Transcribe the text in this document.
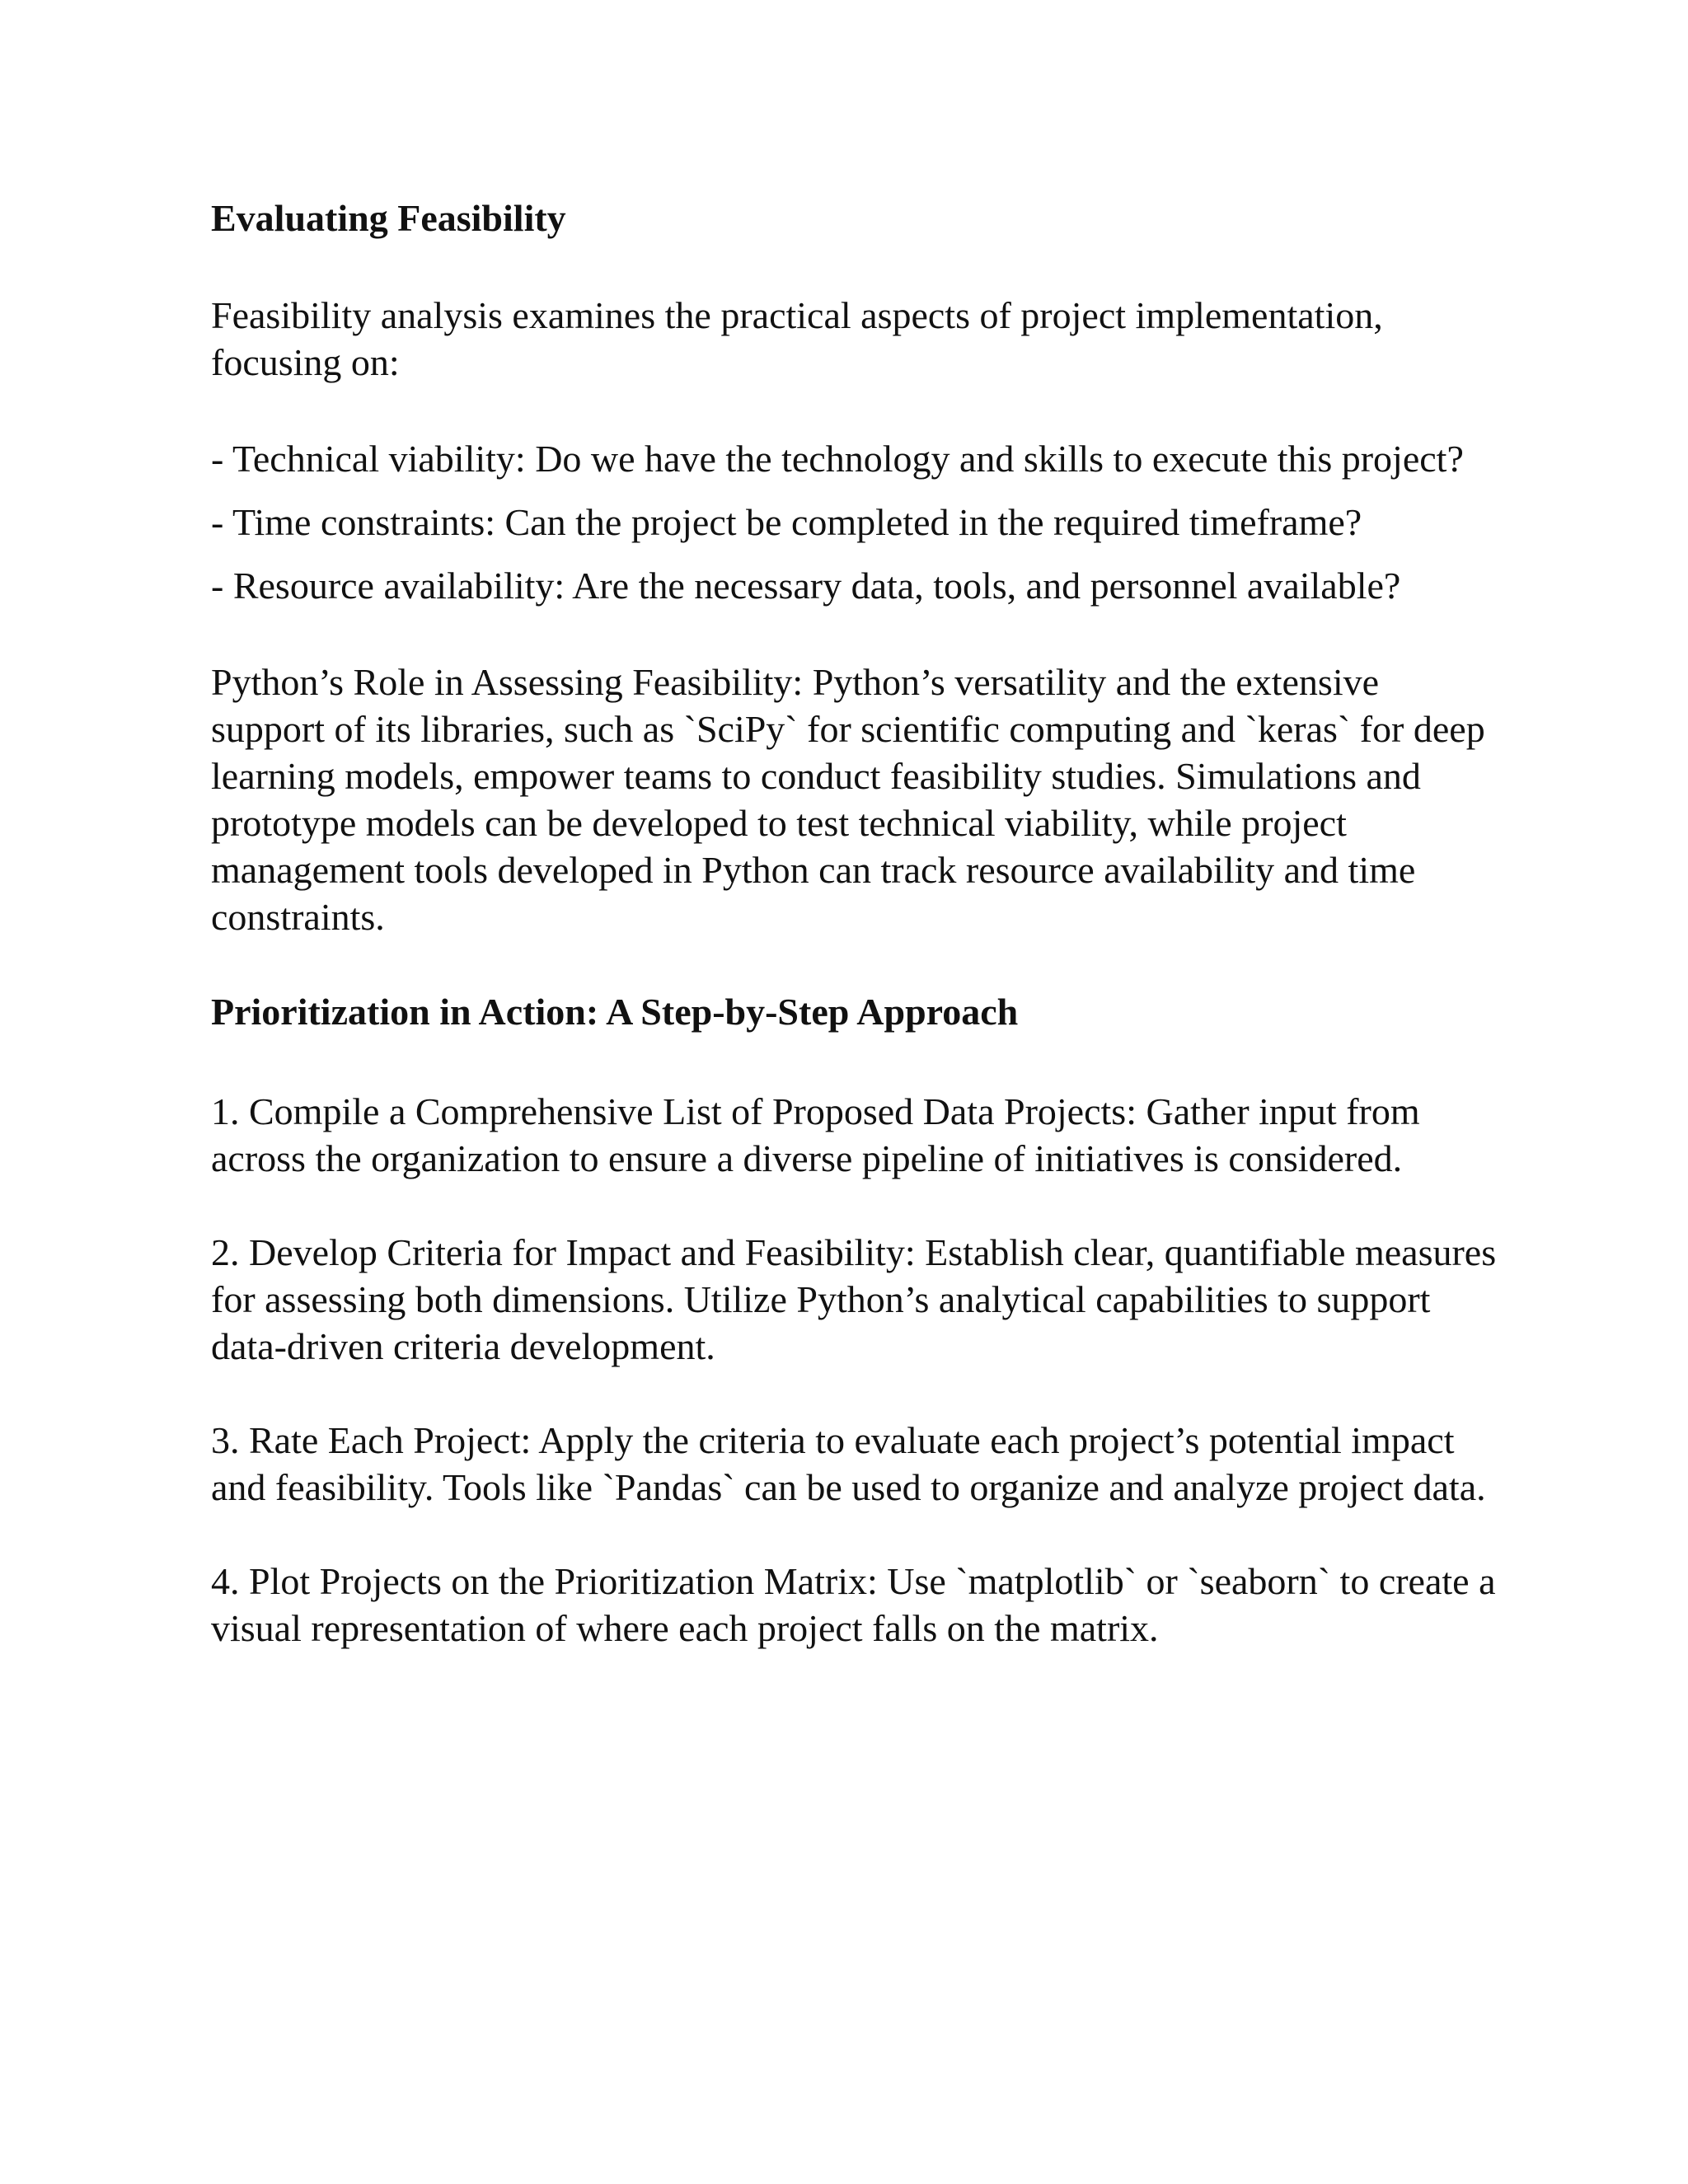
Evaluating Feasibility

Feasibility analysis examines the practical aspects of project implementation, focusing on:

- Technical viability: Do we have the technology and skills to execute this project?

- Time constraints: Can the project be completed in the required timeframe?

- Resource availability: Are the necessary data, tools, and personnel available?

Python’s Role in Assessing Feasibility: Python’s versatility and the extensive support of its libraries, such as `SciPy` for scientific computing and `keras` for deep learning models, empower teams to conduct feasibility studies. Simulations and prototype models can be developed to test technical viability, while project management tools developed in Python can track resource availability and time constraints.

Prioritization in Action: A Step-by-Step Approach

1. Compile a Comprehensive List of Proposed Data Projects: Gather input from across the organization to ensure a diverse pipeline of initiatives is considered.

2. Develop Criteria for Impact and Feasibility: Establish clear, quantifiable measures for assessing both dimensions. Utilize Python’s analytical capabilities to support data-driven criteria development.

3. Rate Each Project: Apply the criteria to evaluate each project’s potential impact and feasibility. Tools like `Pandas` can be used to organize and analyze project data.

4. Plot Projects on the Prioritization Matrix: Use `matplotlib` or `seaborn` to create a visual representation of where each project falls on the matrix.
